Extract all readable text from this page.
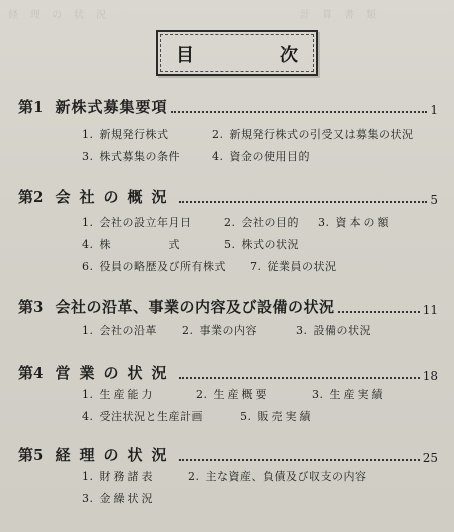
経　理　の　状　況	計　算　書　類
目	次
第1 新株式募集要項	1
1. 新規発行株式	2. 新規発行株式の引受又は募集の状況
3. 株式募集の条件	4. 資金の使用目的
第2 会社の概況	5
1. 会社の設立年月日	2. 会社の目的 3. 資本の額
4. 株　　　　　式	5. 株式の状況
6. 役員の略歴及び所有株式 7. 従業員の状況
第3 会社の沿革、事業の内容及び設備の状況	11
1. 会社の沿革 2. 事業の内容	3. 設備の状況
第4 営業の状況	18
1. 生産能力	2. 生産概要	3. 生産実績
4. 受注状況と生産計画	5. 販売実績
第5 経理の状況	25
1. 財務諸表	2. 主な資産、負債及び収支の内容
3. 金繰状況
